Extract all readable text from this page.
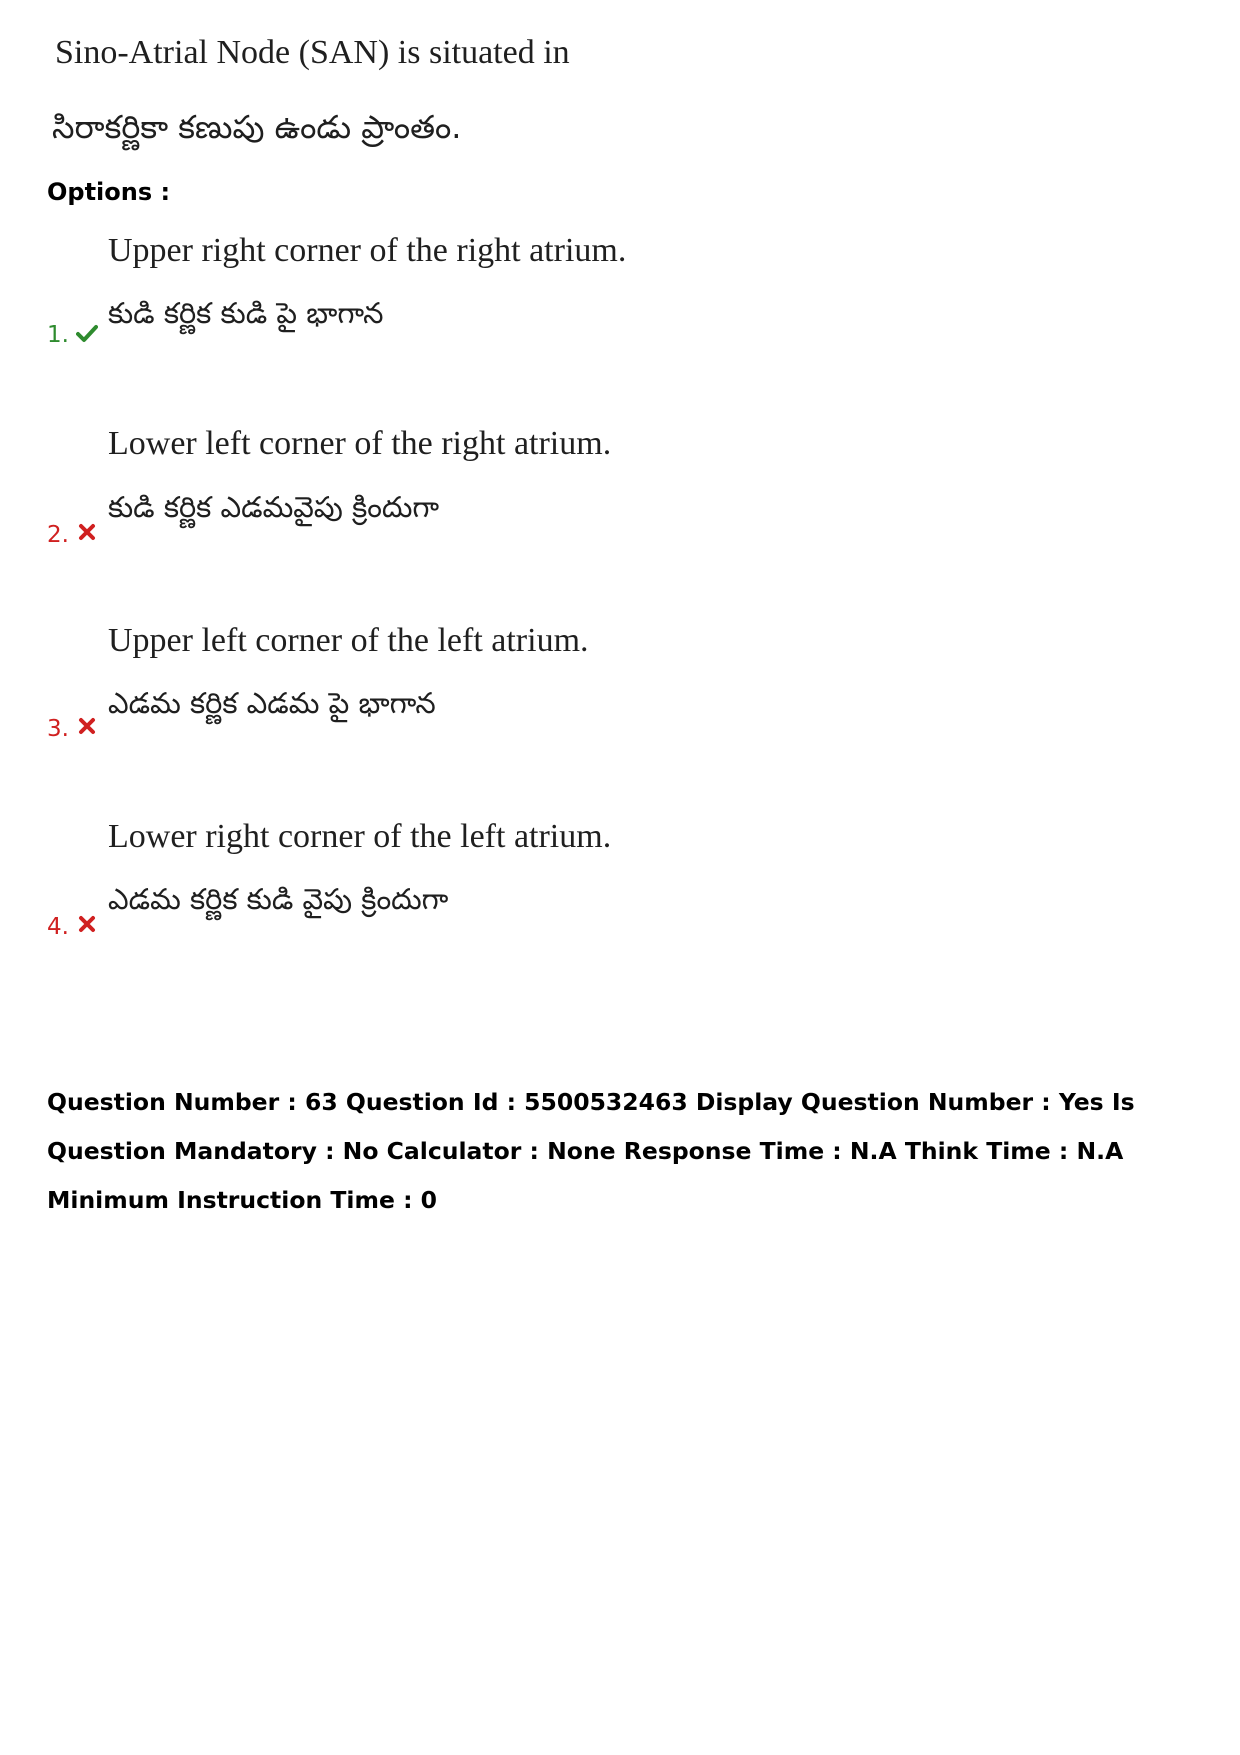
Sino-Atrial Node (SAN) is situated in
సిరాకర్ణికా కణుపు ఉండు ప్రాంతం.
Options :
Upper right corner of the right atrium.
కుడి కర్ణిక కుడి పై భాగాన
1.
Lower left corner of the right atrium.
కుడి కర్ణిక ఎడమవైపు క్రిందుగా
2.
Upper left corner of the left atrium.
ఎడమ కర్ణిక ఎడమ పై భాగాన
3.
Lower right corner of the left atrium.
ఎడమ కర్ణిక కుడి వైపు క్రిందుగా
4.
Question Number : 63 Question Id : 5500532463 Display Question Number : Yes Is Question Mandatory : No Calculator : None Response Time : N.A Think Time : N.A Minimum Instruction Time : 0
